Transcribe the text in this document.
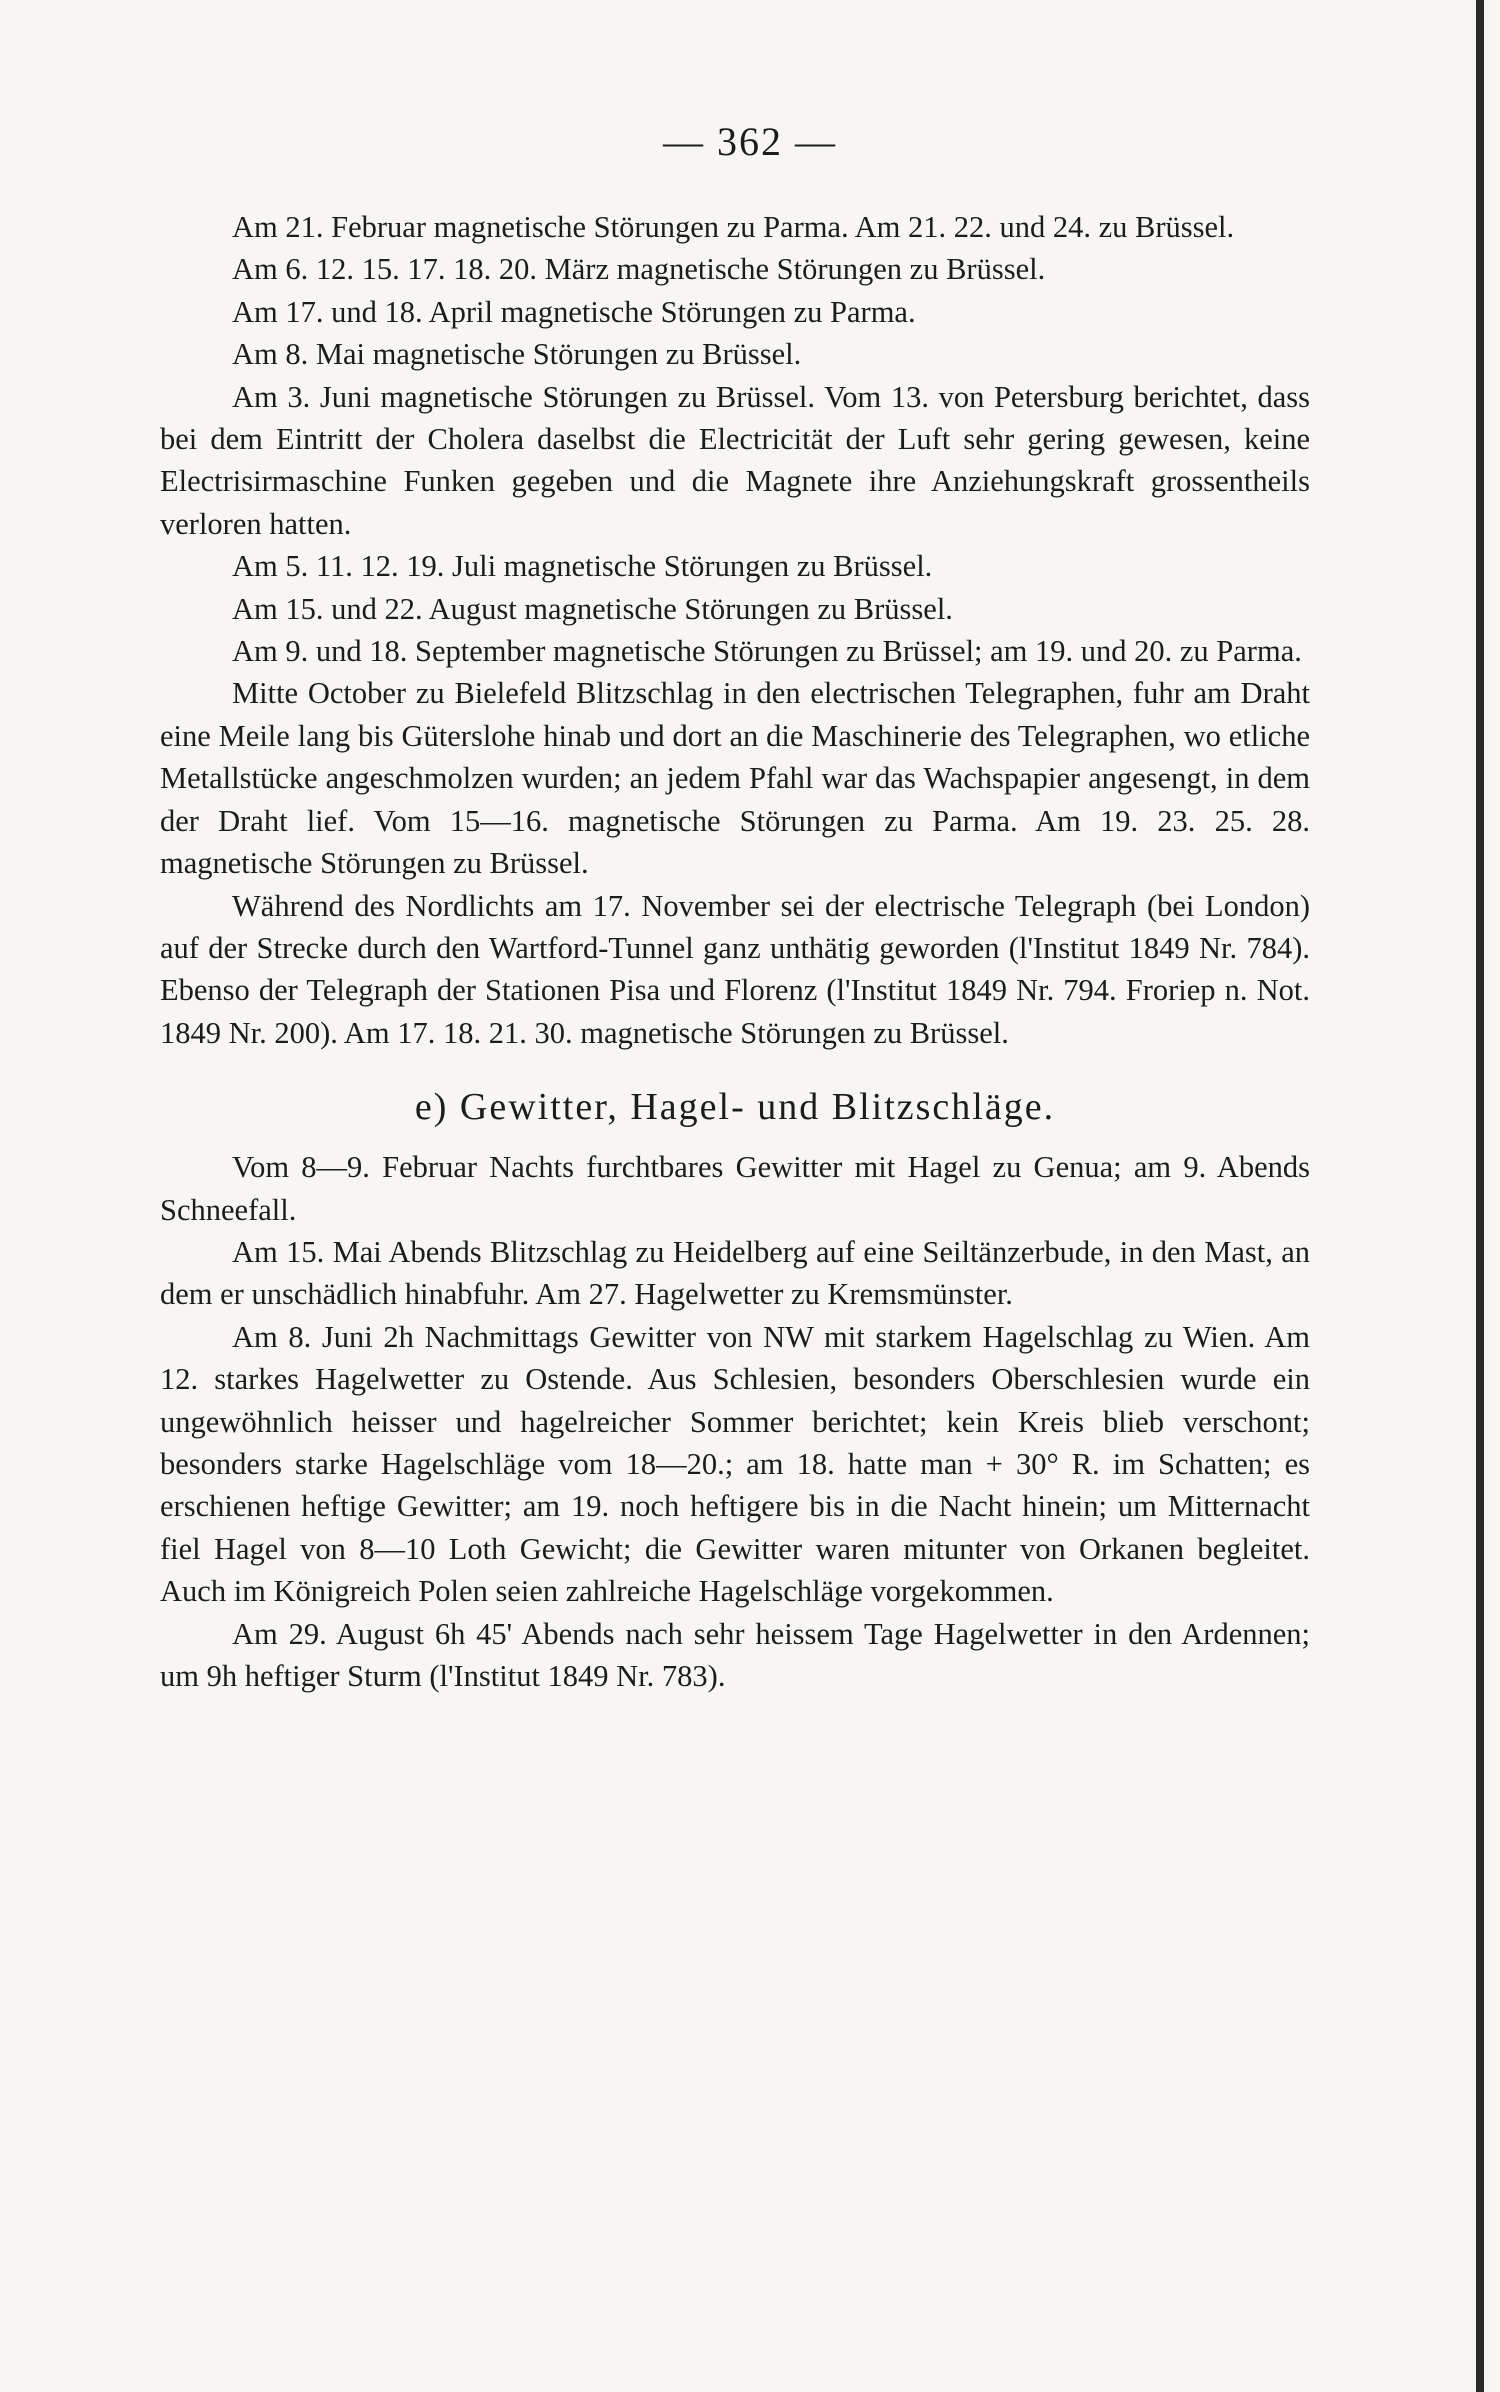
— 362 —

Am 21. Februar magnetische Störungen zu Parma. Am 21. 22. und 24. zu Brüssel.

Am 6. 12. 15. 17. 18. 20. März magnetische Störungen zu Brüssel.

Am 17. und 18. April magnetische Störungen zu Parma.

Am 8. Mai magnetische Störungen zu Brüssel.

Am 3. Juni magnetische Störungen zu Brüssel. Vom 13. von Petersburg berichtet, dass bei dem Eintritt der Cholera daselbst die Electricität der Luft sehr gering gewesen, keine Electrisirmaschine Funken gegeben und die Magnete ihre Anziehungskraft grossentheils verloren hatten.

Am 5. 11. 12. 19. Juli magnetische Störungen zu Brüssel.

Am 15. und 22. August magnetische Störungen zu Brüssel.

Am 9. und 18. September magnetische Störungen zu Brüssel; am 19. und 20. zu Parma.

Mitte October zu Bielefeld Blitzschlag in den electrischen Telegraphen, fuhr am Draht eine Meile lang bis Güterslohe hinab und dort an die Maschinerie des Telegraphen, wo etliche Metallstücke angeschmolzen wurden; an jedem Pfahl war das Wachspapier angesengt, in dem der Draht lief. Vom 15—16. magnetische Störungen zu Parma. Am 19. 23. 25. 28. magnetische Störungen zu Brüssel.

Während des Nordlichts am 17. November sei der electrische Telegraph (bei London) auf der Strecke durch den Wartford-Tunnel ganz unthätig geworden (l'Institut 1849 Nr. 784). Ebenso der Telegraph der Stationen Pisa und Florenz (l'Institut 1849 Nr. 794. Froriep n. Not. 1849 Nr. 200). Am 17. 18. 21. 30. magnetische Störungen zu Brüssel.

e) Gewitter, Hagel- und Blitzschläge.

Vom 8—9. Februar Nachts furchtbares Gewitter mit Hagel zu Genua; am 9. Abends Schneefall.

Am 15. Mai Abends Blitzschlag zu Heidelberg auf eine Seiltänzerbude, in den Mast, an dem er unschädlich hinabfuhr. Am 27. Hagelwetter zu Kremsmünster.

Am 8. Juni 2h Nachmittags Gewitter von NW mit starkem Hagelschlag zu Wien. Am 12. starkes Hagelwetter zu Ostende. Aus Schlesien, besonders Oberschlesien wurde ein ungewöhnlich heisser und hagelreicher Sommer berichtet; kein Kreis blieb verschont; besonders starke Hagelschläge vom 18—20.; am 18. hatte man + 30° R. im Schatten; es erschienen heftige Gewitter; am 19. noch heftigere bis in die Nacht hinein; um Mitternacht fiel Hagel von 8—10 Loth Gewicht; die Gewitter waren mitunter von Orkanen begleitet. Auch im Königreich Polen seien zahlreiche Hagelschläge vorgekommen.

Am 29. August 6h 45' Abends nach sehr heissem Tage Hagelwetter in den Ardennen; um 9h heftiger Sturm (l'Institut 1849 Nr. 783).
